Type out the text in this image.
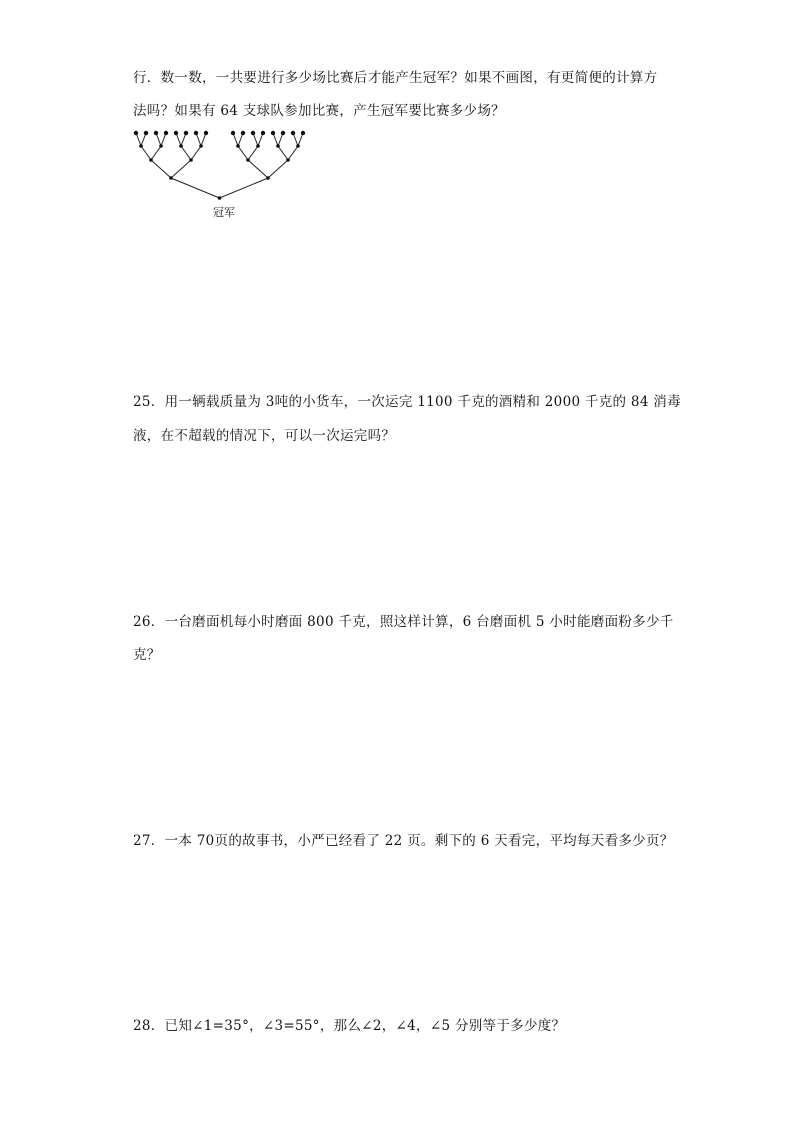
行．数一数，一共要进行多少场比赛后才能产生冠军？如果不画图，有更简便的计算方
法吗？如果有 64 支球队参加比赛，产生冠军要比赛多少场？
冠军
25．用一辆载质量为 3吨的小货车，一次运完 1100 千克的酒精和 2000 千克的 84 消毒
液，在不超载的情况下，可以一次运完吗？
26．一台磨面机每小时磨面 800 千克，照这样计算，6 台磨面机 5 小时能磨面粉多少千
克？
27．一本 70页的故事书，小严已经看了 22 页。剩下的 6 天看完，平均每天看多少页？
28．已知∠1=35°，∠3=55°，那么∠2，∠4，∠5 分别等于多少度？
